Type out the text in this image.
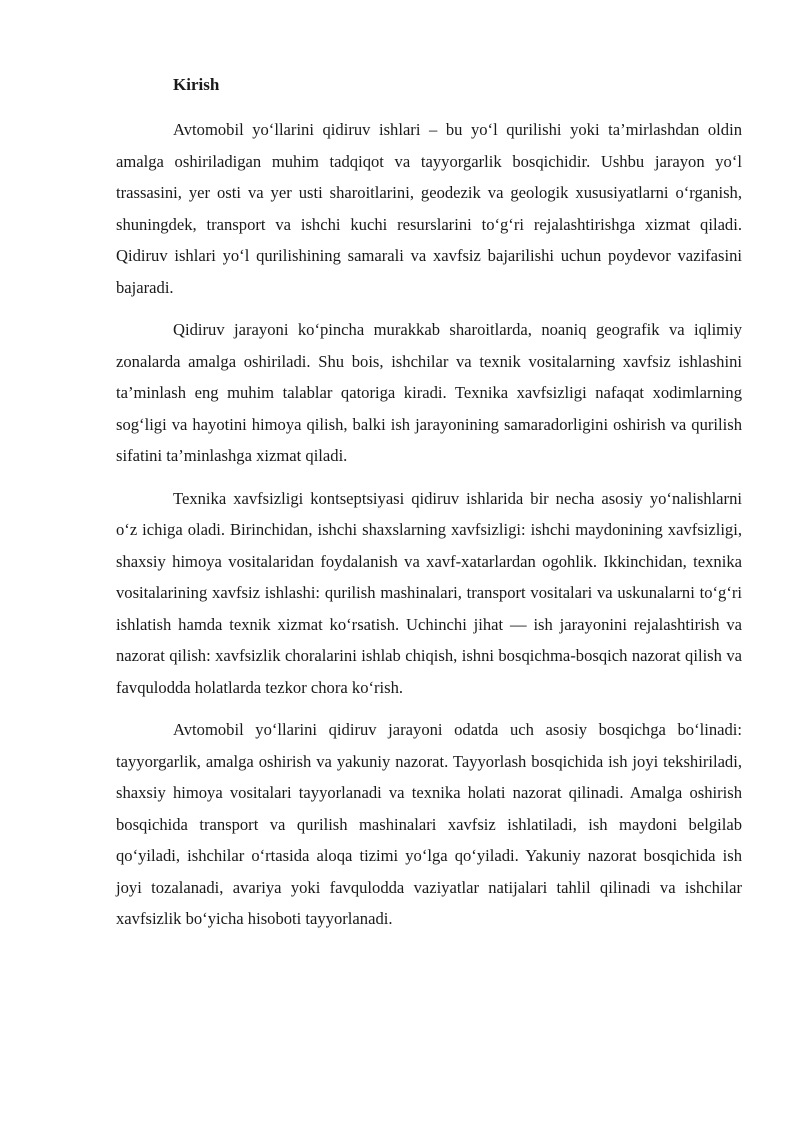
Kirish

Avtomobil yo‘llarini qidiruv ishlari – bu yo‘l qurilishi yoki ta’mirlashdan oldin amalga oshiriladigan muhim tadqiqot va tayyorgarlik bosqichidir. Ushbu jarayon yo‘l trassasini, yer osti va yer usti sharoitlarini, geodezik va geologik xususiyatlarni o‘rganish, shuningdek, transport va ishchi kuchi resurslarini to‘g‘ri rejalashtirishga xizmat qiladi. Qidiruv ishlari yo‘l qurilishining samarali va xavfsiz bajarilishi uchun poydevor vazifasini bajaradi.

Qidiruv jarayoni ko‘pincha murakkab sharoitlarda, noaniq geografik va iqlimiy zonalarda amalga oshiriladi. Shu bois, ishchilar va texnik vositalarning xavfsiz ishlashini ta’minlash eng muhim talablar qatoriga kiradi. Texnika xavfsizligi nafaqat xodimlarning sog‘ligi va hayotini himoya qilish, balki ish jarayonining samaradorligini oshirish va qurilish sifatini ta’minlashga xizmat qiladi.

Texnika xavfsizligi kontseptsiyasi qidiruv ishlarida bir necha asosiy yo‘nalishlarni o‘z ichiga oladi. Birinchidan, ishchi shaxslarning xavfsizligi: ishchi maydonining xavfsizligi, shaxsiy himoya vositalaridan foydalanish va xavf-xatarlardan ogohlik. Ikkinchidan, texnika vositalarining xavfsiz ishlashi: qurilish mashinalari, transport vositalari va uskunalarni to‘g‘ri ishlatish hamda texnik xizmat ko‘rsatish. Uchinchi jihat — ish jarayonini rejalashtirish va nazorat qilish: xavfsizlik choralarini ishlab chiqish, ishni bosqichma-bosqich nazorat qilish va favqulodda holatlarda tezkor chora ko‘rish.

Avtomobil yo‘llarini qidiruv jarayoni odatda uch asosiy bosqichga bo‘linadi: tayyorgarlik, amalga oshirish va yakuniy nazorat. Tayyorlash bosqichida ish joyi tekshiriladi, shaxsiy himoya vositalari tayyorlanadi va texnika holati nazorat qilinadi. Amalga oshirish bosqichida transport va qurilish mashinalari xavfsiz ishlatiladi, ish maydoni belgilab qo‘yiladi, ishchilar o‘rtasida aloqa tizimi yo‘lga qo‘yiladi. Yakuniy nazorat bosqichida ish joyi tozalanadi, avariya yoki favqulodda vaziyatlar natijalari tahlil qilinadi va ishchilar xavfsizlik bo‘yicha hisoboti tayyorlanadi.
